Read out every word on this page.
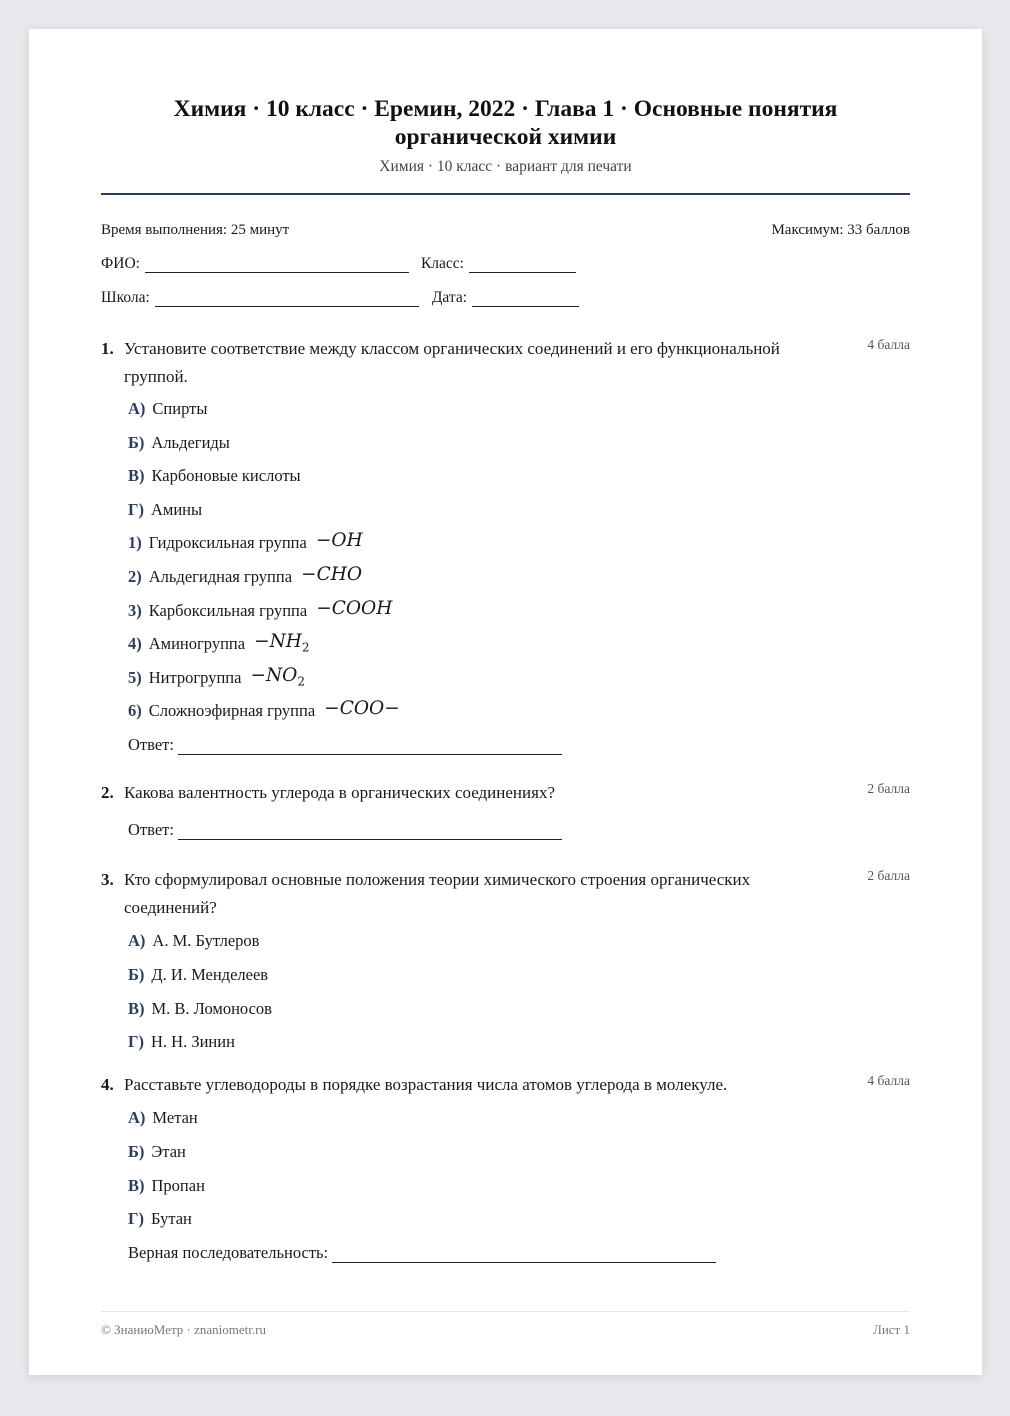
Химия · 10 класс · Еремин, 2022 · Глава 1 · Основные понятия органической химии
Химия · 10 класс · вариант для печати
Время выполнения: 25 минут	Максимум: 33 баллов
ФИО:	Класс:
Школа:	Дата:
1. Установите соответствие между классом органических соединений и его функциональной группой.
4 балла
А) Спирты
Б) Альдегиды
В) Карбоновые кислоты
Г) Амины
1) Гидроксильная группа −OH
2) Альдегидная группа −CHO
3) Карбоксильная группа −COOH
4) Аминогруппа $-NH_2$
5) Нитрогруппа $-NO_2$
6) Сложноэфирная группа −COO−
Ответ:
2. Какова валентность углерода в органических соединениях?	2 балла
Ответ:
3. Кто сформулировал основные положения теории химического строения органических соединений?
2 балла
А) А. М. Бутлеров
Б) Д. И. Менделеев
В) М. В. Ломоносов
Г) Н. Н. Зинин
4. Расставьте углеводороды в порядке возрастания числа атомов углерода в молекуле.	4 балла
А) Метан
Б) Этан
В) Пропан
Г) Бутан
Верная последовательность:
© ЗнаниоМетр · znaniometr.ru	Лист 1
